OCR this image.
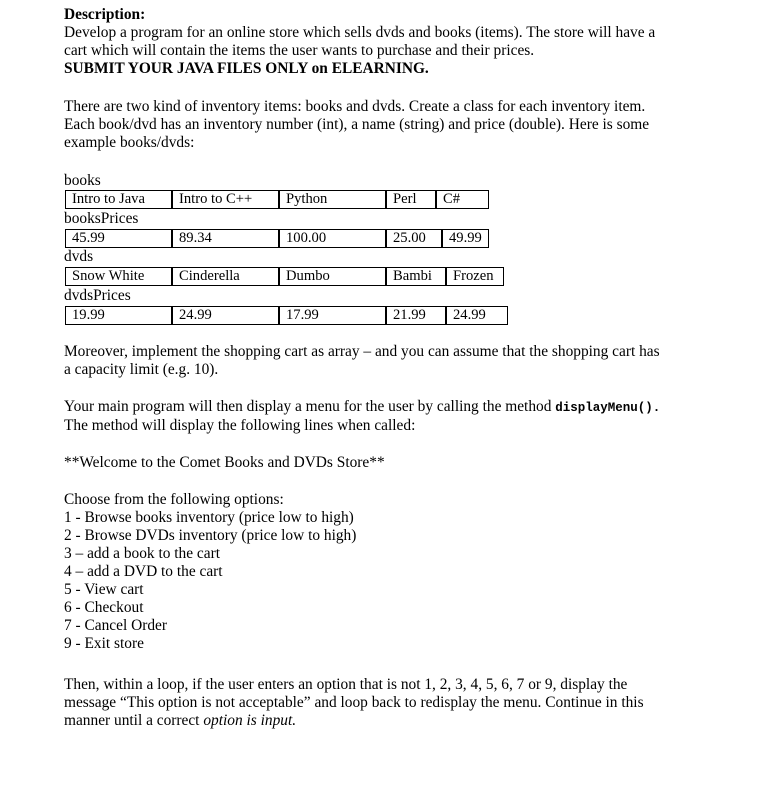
Description:

Develop a program for an online store which sells dvds and books (items). The store will have a

cart which will contain the items the user wants to purchase and their prices.

SUBMIT YOUR JAVA FILES ONLY on ELEARNING.

There are two kind of inventory items: books and dvds. Create a class for each inventory item.

Each book/dvd has an inventory number (int), a name (string) and price (double). Here is some

example books/dvds:

books
Intro to Java	Intro to C++	Python	Perl	C#
booksPrices
45.99	89.34	100.00	25.00	49.99
dvds
Snow White	Cinderella	Dumbo	Bambi	Frozen
dvdsPrices
19.99	24.99	17.99	21.99	24.99

Moreover, implement the shopping cart as array – and you can assume that the shopping cart has

a capacity limit (e.g. 10).

Your main program will then display a menu for the user by calling the method displayMenu().

The method will display the following lines when called:

**Welcome to the Comet Books and DVDs Store**

Choose from the following options:

1 - Browse books inventory (price low to high)

2 - Browse DVDs inventory (price low to high)

3 – add a book to the cart

4 – add a DVD to the cart

5 - View cart

6 - Checkout

7 - Cancel Order

9 - Exit store

Then, within a loop, if the user enters an option that is not 1, 2, 3, 4, 5, 6, 7 or 9, display the

message “This option is not acceptable” and loop back to redisplay the menu. Continue in this

manner until a correct option is input.
